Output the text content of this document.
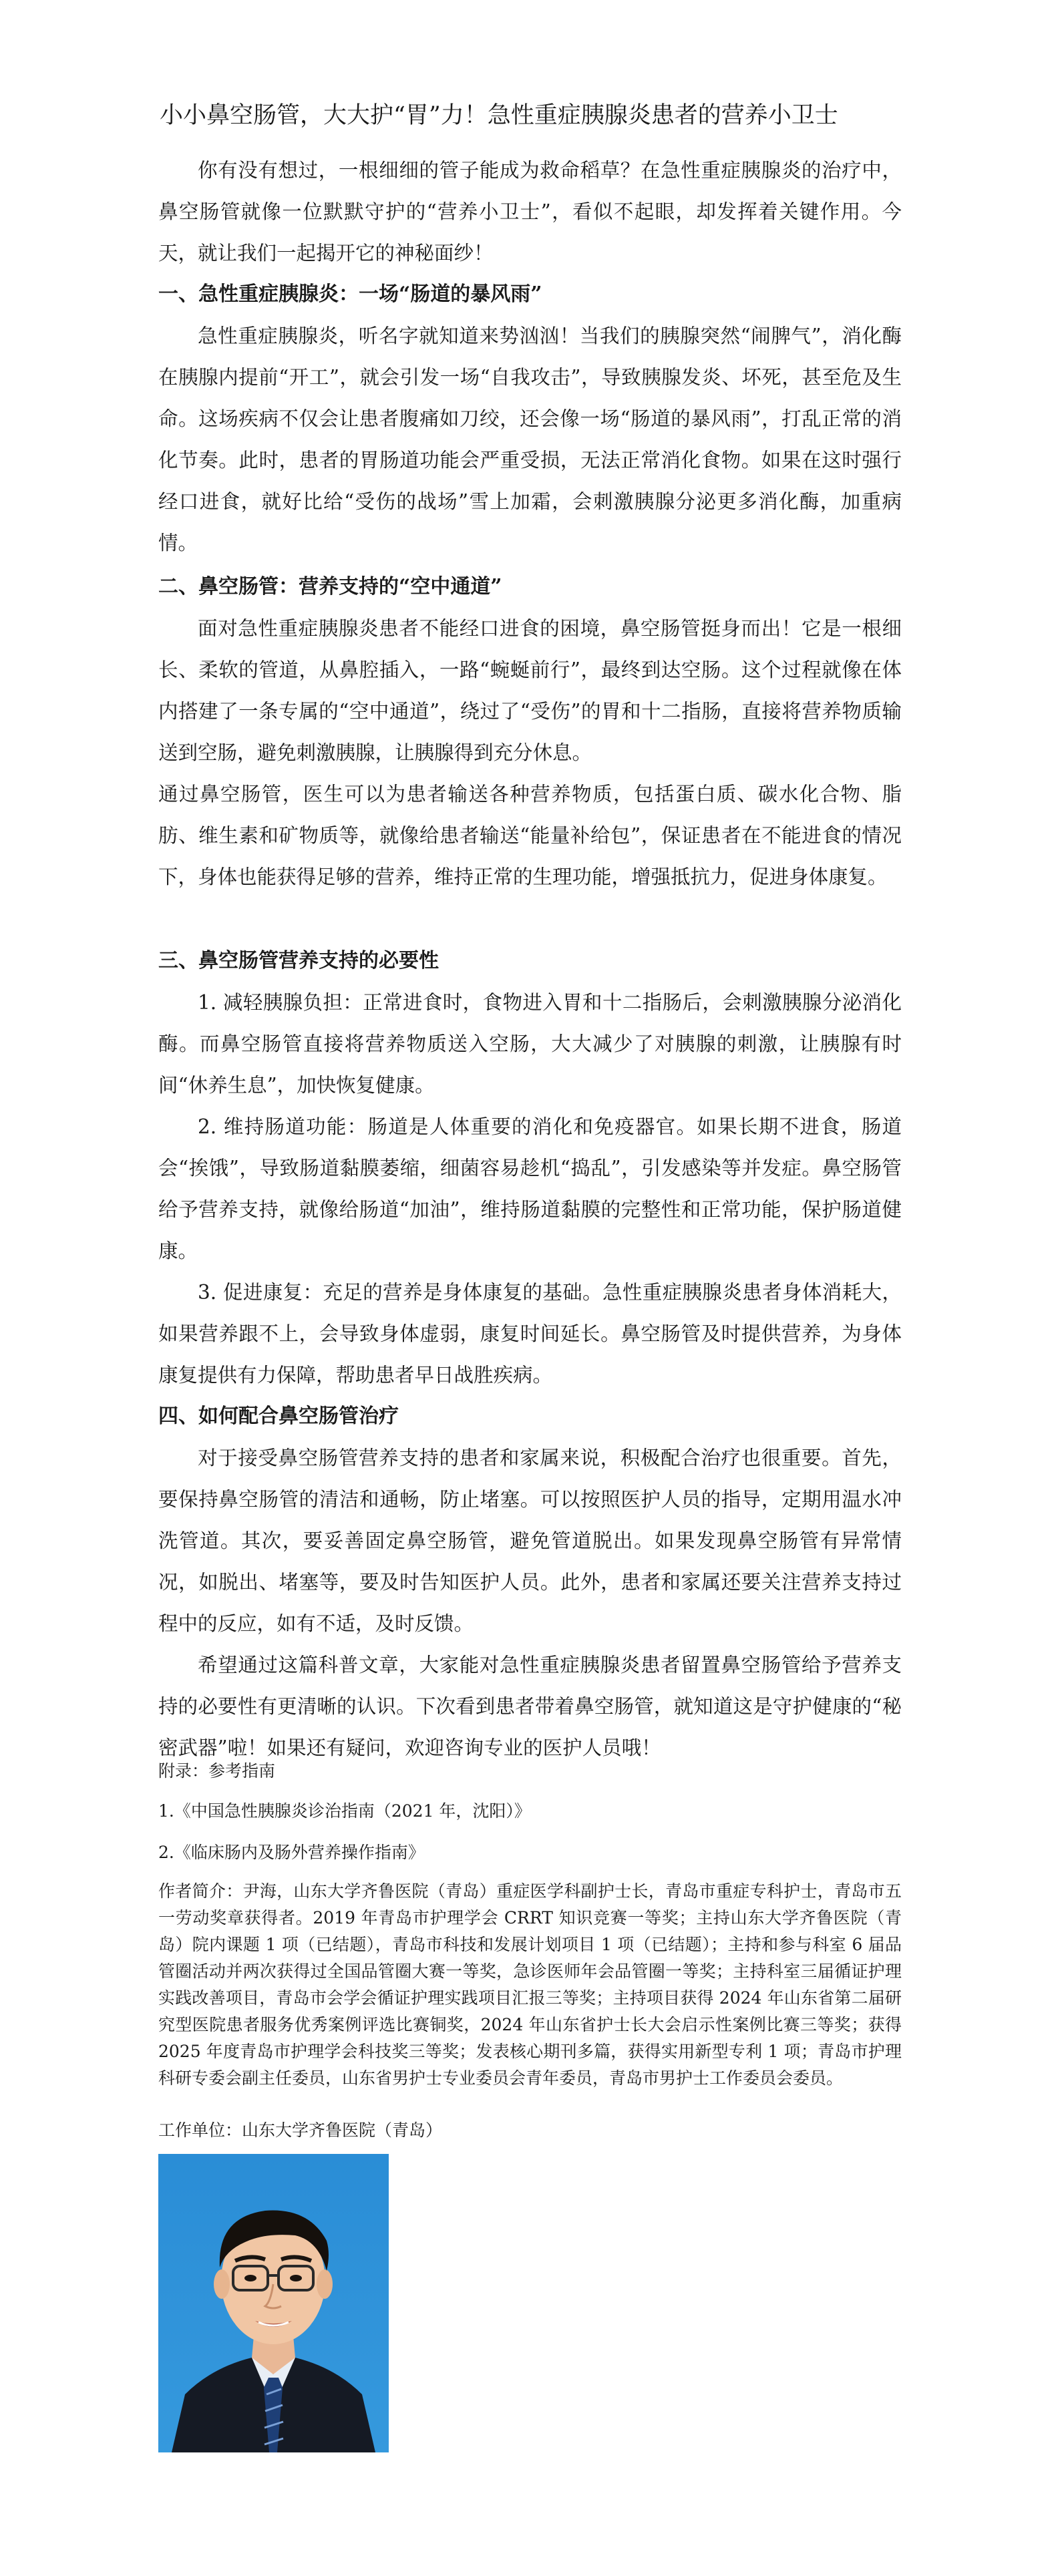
小小鼻空肠管，大大护“胃”力！急性重症胰腺炎患者的营养小卫士
你有没有想过，一根细细的管子能成为救命稻草？在急性重症胰腺炎的治疗中，鼻空肠管就像一位默默守护的“营养小卫士”，看似不起眼，却发挥着关键作用。今天，就让我们一起揭开它的神秘面纱！
一、急性重症胰腺炎：一场“肠道的暴风雨”
急性重症胰腺炎，听名字就知道来势汹汹！当我们的胰腺突然“闹脾气”，消化酶在胰腺内提前“开工”，就会引发一场“自我攻击”，导致胰腺发炎、坏死，甚至危及生命。这场疾病不仅会让患者腹痛如刀绞，还会像一场“肠道的暴风雨”，打乱正常的消化节奏。此时，患者的胃肠道功能会严重受损，无法正常消化食物。如果在这时强行经口进食，就好比给“受伤的战场”雪上加霜，会刺激胰腺分泌更多消化酶，加重病情。
二、鼻空肠管：营养支持的“空中通道”
面对急性重症胰腺炎患者不能经口进食的困境，鼻空肠管挺身而出！它是一根细长、柔软的管道，从鼻腔插入，一路“蜿蜒前行”，最终到达空肠。这个过程就像在体内搭建了一条专属的“空中通道”，绕过了“受伤”的胃和十二指肠，直接将营养物质输送到空肠，避免刺激胰腺，让胰腺得到充分休息。
通过鼻空肠管，医生可以为患者输送各种营养物质，包括蛋白质、碳水化合物、脂肪、维生素和矿物质等，就像给患者输送“能量补给包”，保证患者在不能进食的情况下，身体也能获得足够的营养，维持正常的生理功能，增强抵抗力，促进身体康复。
三、鼻空肠管营养支持的必要性
1. 减轻胰腺负担：正常进食时，食物进入胃和十二指肠后，会刺激胰腺分泌消化酶。而鼻空肠管直接将营养物质送入空肠，大大减少了对胰腺的刺激，让胰腺有时间“休养生息”，加快恢复健康。
2. 维持肠道功能：肠道是人体重要的消化和免疫器官。如果长期不进食，肠道会“挨饿”，导致肠道黏膜萎缩，细菌容易趁机“捣乱”，引发感染等并发症。鼻空肠管给予营养支持，就像给肠道“加油”，维持肠道黏膜的完整性和正常功能，保护肠道健康。
3. 促进康复：充足的营养是身体康复的基础。急性重症胰腺炎患者身体消耗大，如果营养跟不上，会导致身体虚弱，康复时间延长。鼻空肠管及时提供营养，为身体康复提供有力保障，帮助患者早日战胜疾病。
四、如何配合鼻空肠管治疗
对于接受鼻空肠管营养支持的患者和家属来说，积极配合治疗也很重要。首先，要保持鼻空肠管的清洁和通畅，防止堵塞。可以按照医护人员的指导，定期用温水冲洗管道。其次，要妥善固定鼻空肠管，避免管道脱出。如果发现鼻空肠管有异常情况，如脱出、堵塞等，要及时告知医护人员。此外，患者和家属还要关注营养支持过程中的反应，如有不适，及时反馈。
希望通过这篇科普文章，大家能对急性重症胰腺炎患者留置鼻空肠管给予营养支持的必要性有更清晰的认识。下次看到患者带着鼻空肠管，就知道这是守护健康的“秘密武器”啦！如果还有疑问，欢迎咨询专业的医护人员哦！
附录：参考指南
1.《中国急性胰腺炎诊治指南（2021 年，沈阳）》
2.《临床肠内及肠外营养操作指南》
作者简介：尹海，山东大学齐鲁医院（青岛）重症医学科副护士长，青岛市重症专科护士，青岛市五一劳动奖章获得者。2019 年青岛市护理学会 CRRT 知识竞赛一等奖；主持山东大学齐鲁医院（青岛）院内课题 1 项（已结题），青岛市科技和发展计划项目 1 项（已结题）；主持和参与科室 6 届品管圈活动并两次获得过全国品管圈大赛一等奖，急诊医师年会品管圈一等奖；主持科室三届循证护理实践改善项目，青岛市会学会循证护理实践项目汇报三等奖；主持项目获得 2024 年山东省第二届研究型医院患者服务优秀案例评选比赛铜奖，2024 年山东省护士长大会启示性案例比赛三等奖；获得 2025 年度青岛市护理学会科技奖三等奖；发表核心期刊多篇，获得实用新型专利 1 项；青岛市护理科研专委会副主任委员，山东省男护士专业委员会青年委员，青岛市男护士工作委员会委员。
工作单位：山东大学齐鲁医院（青岛）
